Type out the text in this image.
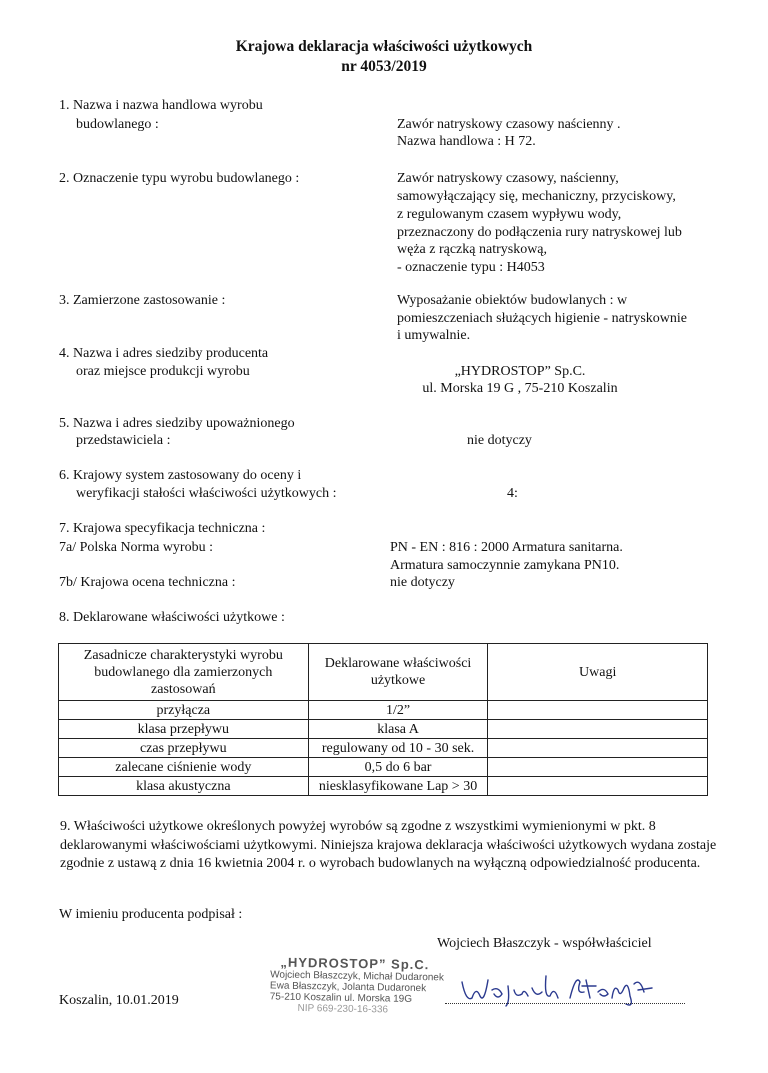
Krajowa deklaracja właściwości użytkowych
nr 4053/2019
1. Nazwa i nazwa handlowa wyrobu
budowlanego :	Zawór natryskowy czasowy naścienny .
Nazwa handlowa : H 72.
2. Oznaczenie typu wyrobu budowlanego :	Zawór natryskowy czasowy, naścienny,
samowyłączający się, mechaniczny, przyciskowy,
z regulowanym czasem wypływu wody,
przeznaczony do podłączenia rury natryskowej lub
węża z rączką natryskową,
- oznaczenie typu : H4053
3. Zamierzone zastosowanie :	Wyposażanie obiektów budowlanych : w
pomieszczeniach służących higienie - natryskownie
i umywalnie.
4. Nazwa i adres siedziby producenta
oraz miejsce produkcji wyrobu	„HYDROSTOP” Sp.C.
ul. Morska 19 G , 75-210 Koszalin
5. Nazwa i adres siedziby upoważnionego
przedstawiciela :	nie dotyczy
6. Krajowy system zastosowany do oceny i
weryfikacji stałości właściwości użytkowych :	4:
7. Krajowa specyfikacja techniczna :
7a/ Polska Norma wyrobu :	PN - EN : 816 : 2000 Armatura sanitarna.
Armatura samoczynnie zamykana PN10.
7b/ Krajowa ocena techniczna :	nie dotyczy
8. Deklarowane właściwości użytkowe :
Zasadnicze charakterystyki wyrobu budowlanego dla zamierzonych zastosowań	Deklarowane właściwości użytkowe	Uwagi
przyłącza	1/2”	
klasa przepływu	klasa A	
czas przepływu	regulowany od 10 - 30 sek.	
zalecane ciśnienie wody	0,5 do 6 bar	
klasa akustyczna	niesklasyfikowane Lap > 30	
9. Właściwości użytkowe określonych powyżej wyrobów są zgodne z wszystkimi wymienionymi w pkt. 8 deklarowanymi właściwościami użytkowymi. Niniejsza krajowa deklaracja właściwości użytkowych wydana zostaje zgodnie z ustawą z dnia 16 kwietnia 2004 r. o wyrobach budowlanych na wyłączną odpowiedzialność producenta.
W imieniu producenta podpisał :
Wojciech Błaszczyk - współwłaściciel
Koszalin, 10.01.2019
„HYDROSTOP” Sp.C.
Wojciech Błaszczyk, Michał Dudaronek
Ewa Błaszczyk, Jolanta Dudaronek
75-210 Koszalin ul. Morska 19G
NIP 669-230-16-336
